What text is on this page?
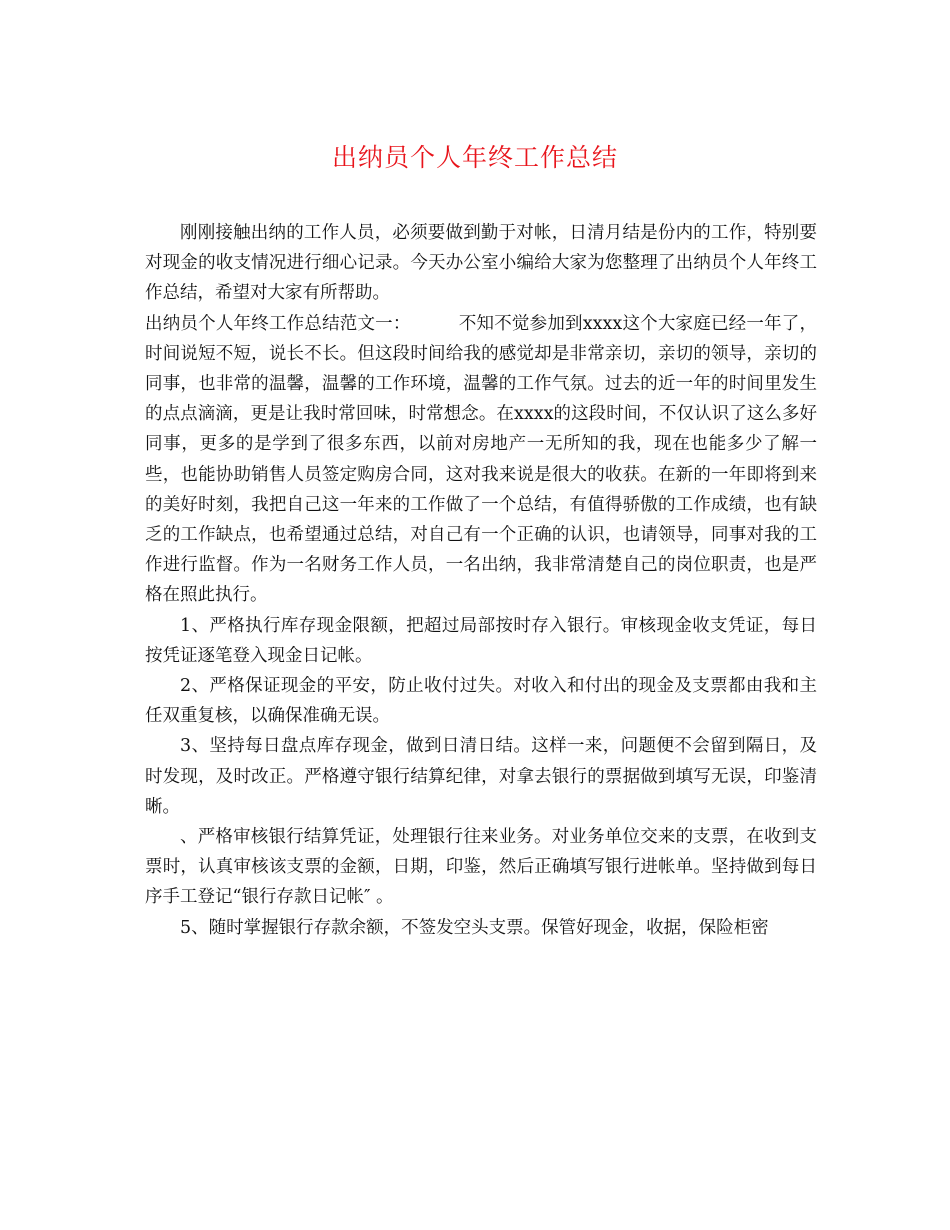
出纳员个人年终工作总结

刚刚接触出纳的工作人员，必须要做到勤于对帐，日清月结是份内的工作，特别要对现金的收支情况进行细心记录。今天办公室小编给大家为您整理了出纳员个人年终工作总结，希望对大家有所帮助。

出纳员个人年终工作总结范文一：	不知不觉参加到xxxx这个大家庭已经一年了，时间说短不短，说长不长。但这段时间给我的感觉却是非常亲切，亲切的领导，亲切的同事，也非常的温馨，温馨的工作环境，温馨的工作气氛。过去的近一年的时间里发生的点点滴滴，更是让我时常回味，时常想念。在xxxx的这段时间，不仅认识了这么多好同事，更多的是学到了很多东西，以前对房地产一无所知的我，现在也能多少了解一些，也能协助销售人员签定购房合同，这对我来说是很大的收获。在新的一年即将到来的美好时刻，我把自己这一年来的工作做了一个总结，有值得骄傲的工作成绩，也有缺乏的工作缺点，也希望通过总结，对自己有一个正确的认识，也请领导，同事对我的工作进行监督。作为一名财务工作人员，一名出纳，我非常清楚自己的岗位职责，也是严格在照此执行。

1、严格执行库存现金限额，把超过局部按时存入银行。审核现金收支凭证，每日按凭证逐笔登入现金日记帐。

2、严格保证现金的平安，防止收付过失。对收入和付出的现金及支票都由我和主任双重复核，以确保准确无误。

3、坚持每日盘点库存现金，做到日清日结。这样一来，问题便不会留到隔日，及时发现，及时改正。严格遵守银行结算纪律，对拿去银行的票据做到填写无误，印鉴清晰。

、严格审核银行结算凭证，处理银行往来业务。对业务单位交来的支票，在收到支票时，认真审核该支票的金额，日期，印鉴，然后正确填写银行进帐单。坚持做到每日序手工登记“银行存款日记帐″ 。

5、随时掌握银行存款余额，不签发空头支票。保管好现金，收据，保险柜密
